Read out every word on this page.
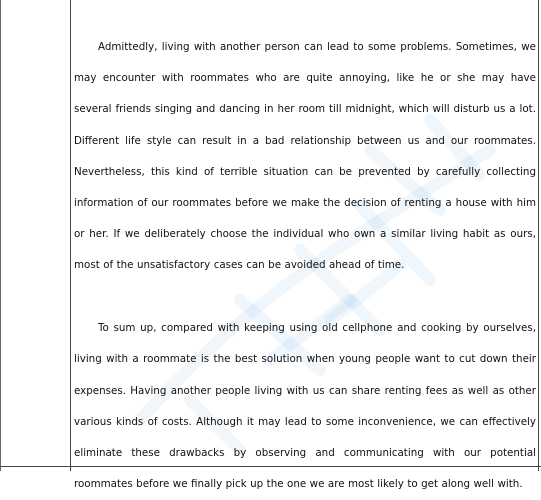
Admittedly, living with another person can lead to some problems. Sometimes, we may encounter with roommates who are quite annoying, like he or she may have several friends singing and dancing in her room till midnight, which will disturb us a lot. Different life style can result in a bad relationship between us and our roommates. Nevertheless, this kind of terrible situation can be prevented by carefully collecting information of our roommates before we make the decision of renting a house with him or her. If we deliberately choose the individual who own a similar living habit as ours, most of the unsatisfactory cases can be avoided ahead of time.

To sum up, compared with keeping using old cellphone and cooking by ourselves, living with a roommate is the best solution when young people want to cut down their expenses. Having another people living with us can share renting fees as well as other various kinds of costs. Although it may lead to some inconvenience, we can effectively eliminate these drawbacks by observing and communicating with our potential roommates before we finally pick up the one we are most likely to get along well with.
